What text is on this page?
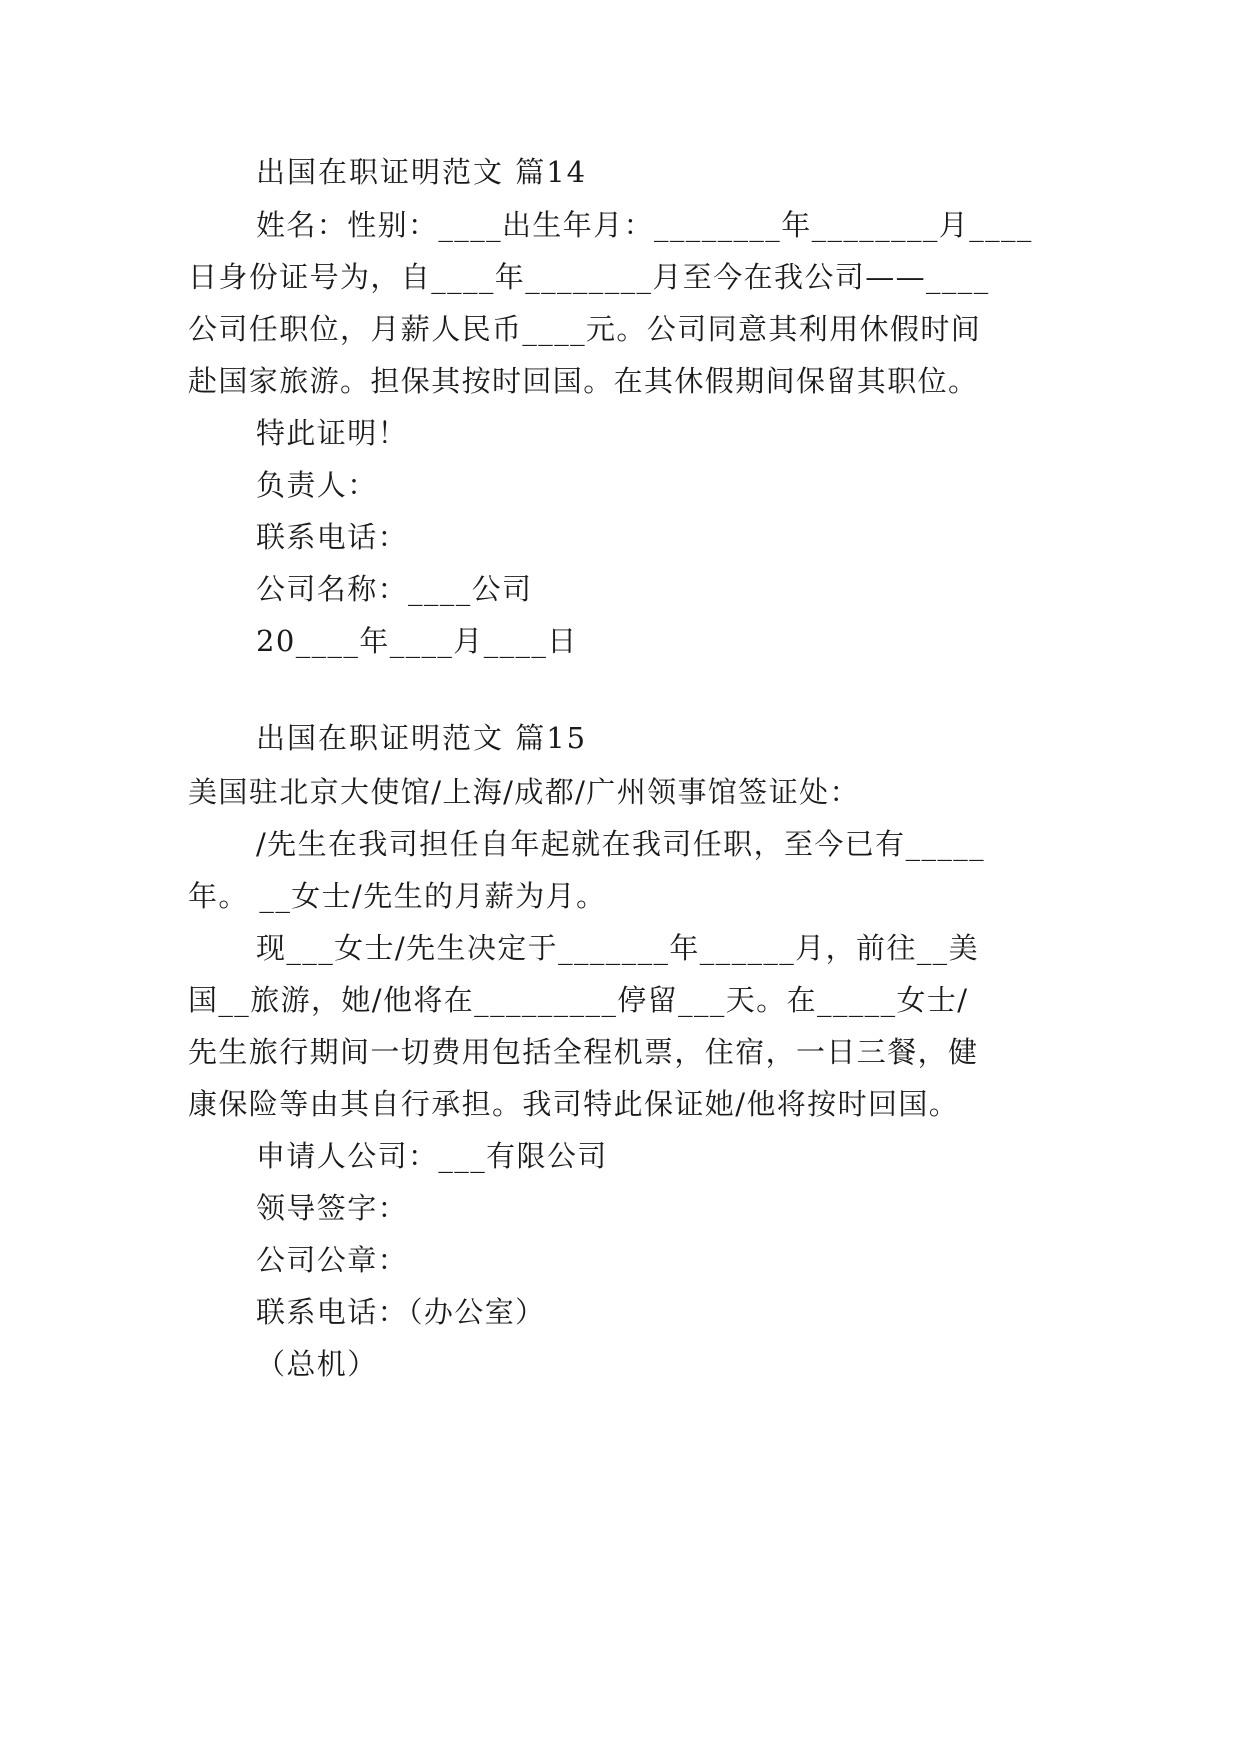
出国在职证明范文 篇14
姓名：性别：____出生年月：________年________月____
日身份证号为，自____年________月至今在我公司——____
公司任职位，月薪人民币____元。公司同意其利用休假时间
赴国家旅游。担保其按时回国。在其休假期间保留其职位。
特此证明！
负责人：
联系电话：
公司名称：____公司
20____年____月____日
出国在职证明范文 篇15
美国驻北京大使馆/上海/成都/广州领事馆签证处：
/先生在我司担任自年起就在我司任职，至今已有_____
年。 __女士/先生的月薪为月。
现___女士/先生决定于_______年______月，前往__美
国__旅游，她/他将在_________停留___天。在_____女士/
先生旅行期间一切费用包括全程机票，住宿，一日三餐，健
康保险等由其自行承担。我司特此保证她/他将按时回国。
申请人公司：___有限公司
领导签字：
公司公章：
联系电话：（办公室）
（总机）
